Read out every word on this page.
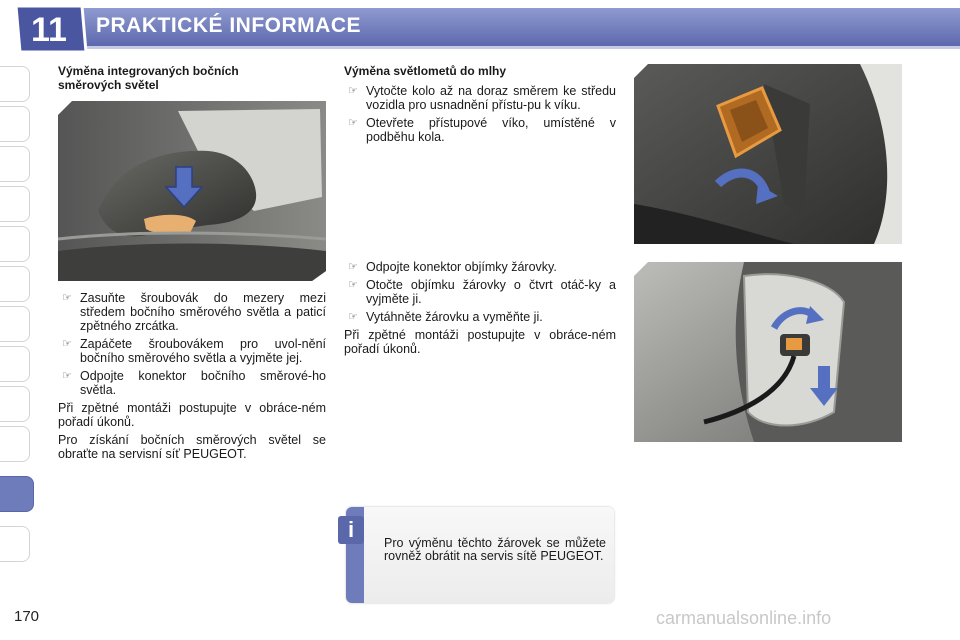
11	PRAKTICKÉ INFORMACE
Výměna integrovaných bočních
směrových světel
☞ Zasuňte šroubovák do mezery mezi středem bočního směrového světla a paticí zpětného zrcátka.
☞ Zapáčete šroubovákem pro uvol-nění bočního směrového světla a vyjměte jej.
☞ Odpojte konektor bočního směrové-ho světla.

Při zpětné montáži postupujte v obráce-ném pořadí úkonů.

Pro získání bočních směrových světel se obraťte na servisní síť PEUGEOT.

Výměna světlometů do mlhy
☞ Vytočte kolo až na doraz směrem ke středu vozidla pro usnadnění přístu-pu k víku.
☞ Otevřete přístupové víko, umístěné v podběhu kola.
☞ Odpojte konektor objímky žárovky.
☞ Otočte objímku žárovky o čtvrt otáč-ky a vyjměte ji.
☞ Vytáhněte žárovku a vyměňte ji.

Při zpětné montáži postupujte v obráce-ném pořadí úkonů.

i
Pro výměnu těchto žárovek se můžete rovněž obrátit na servis sítě PEUGEOT.
170	carmanualsonline.info
